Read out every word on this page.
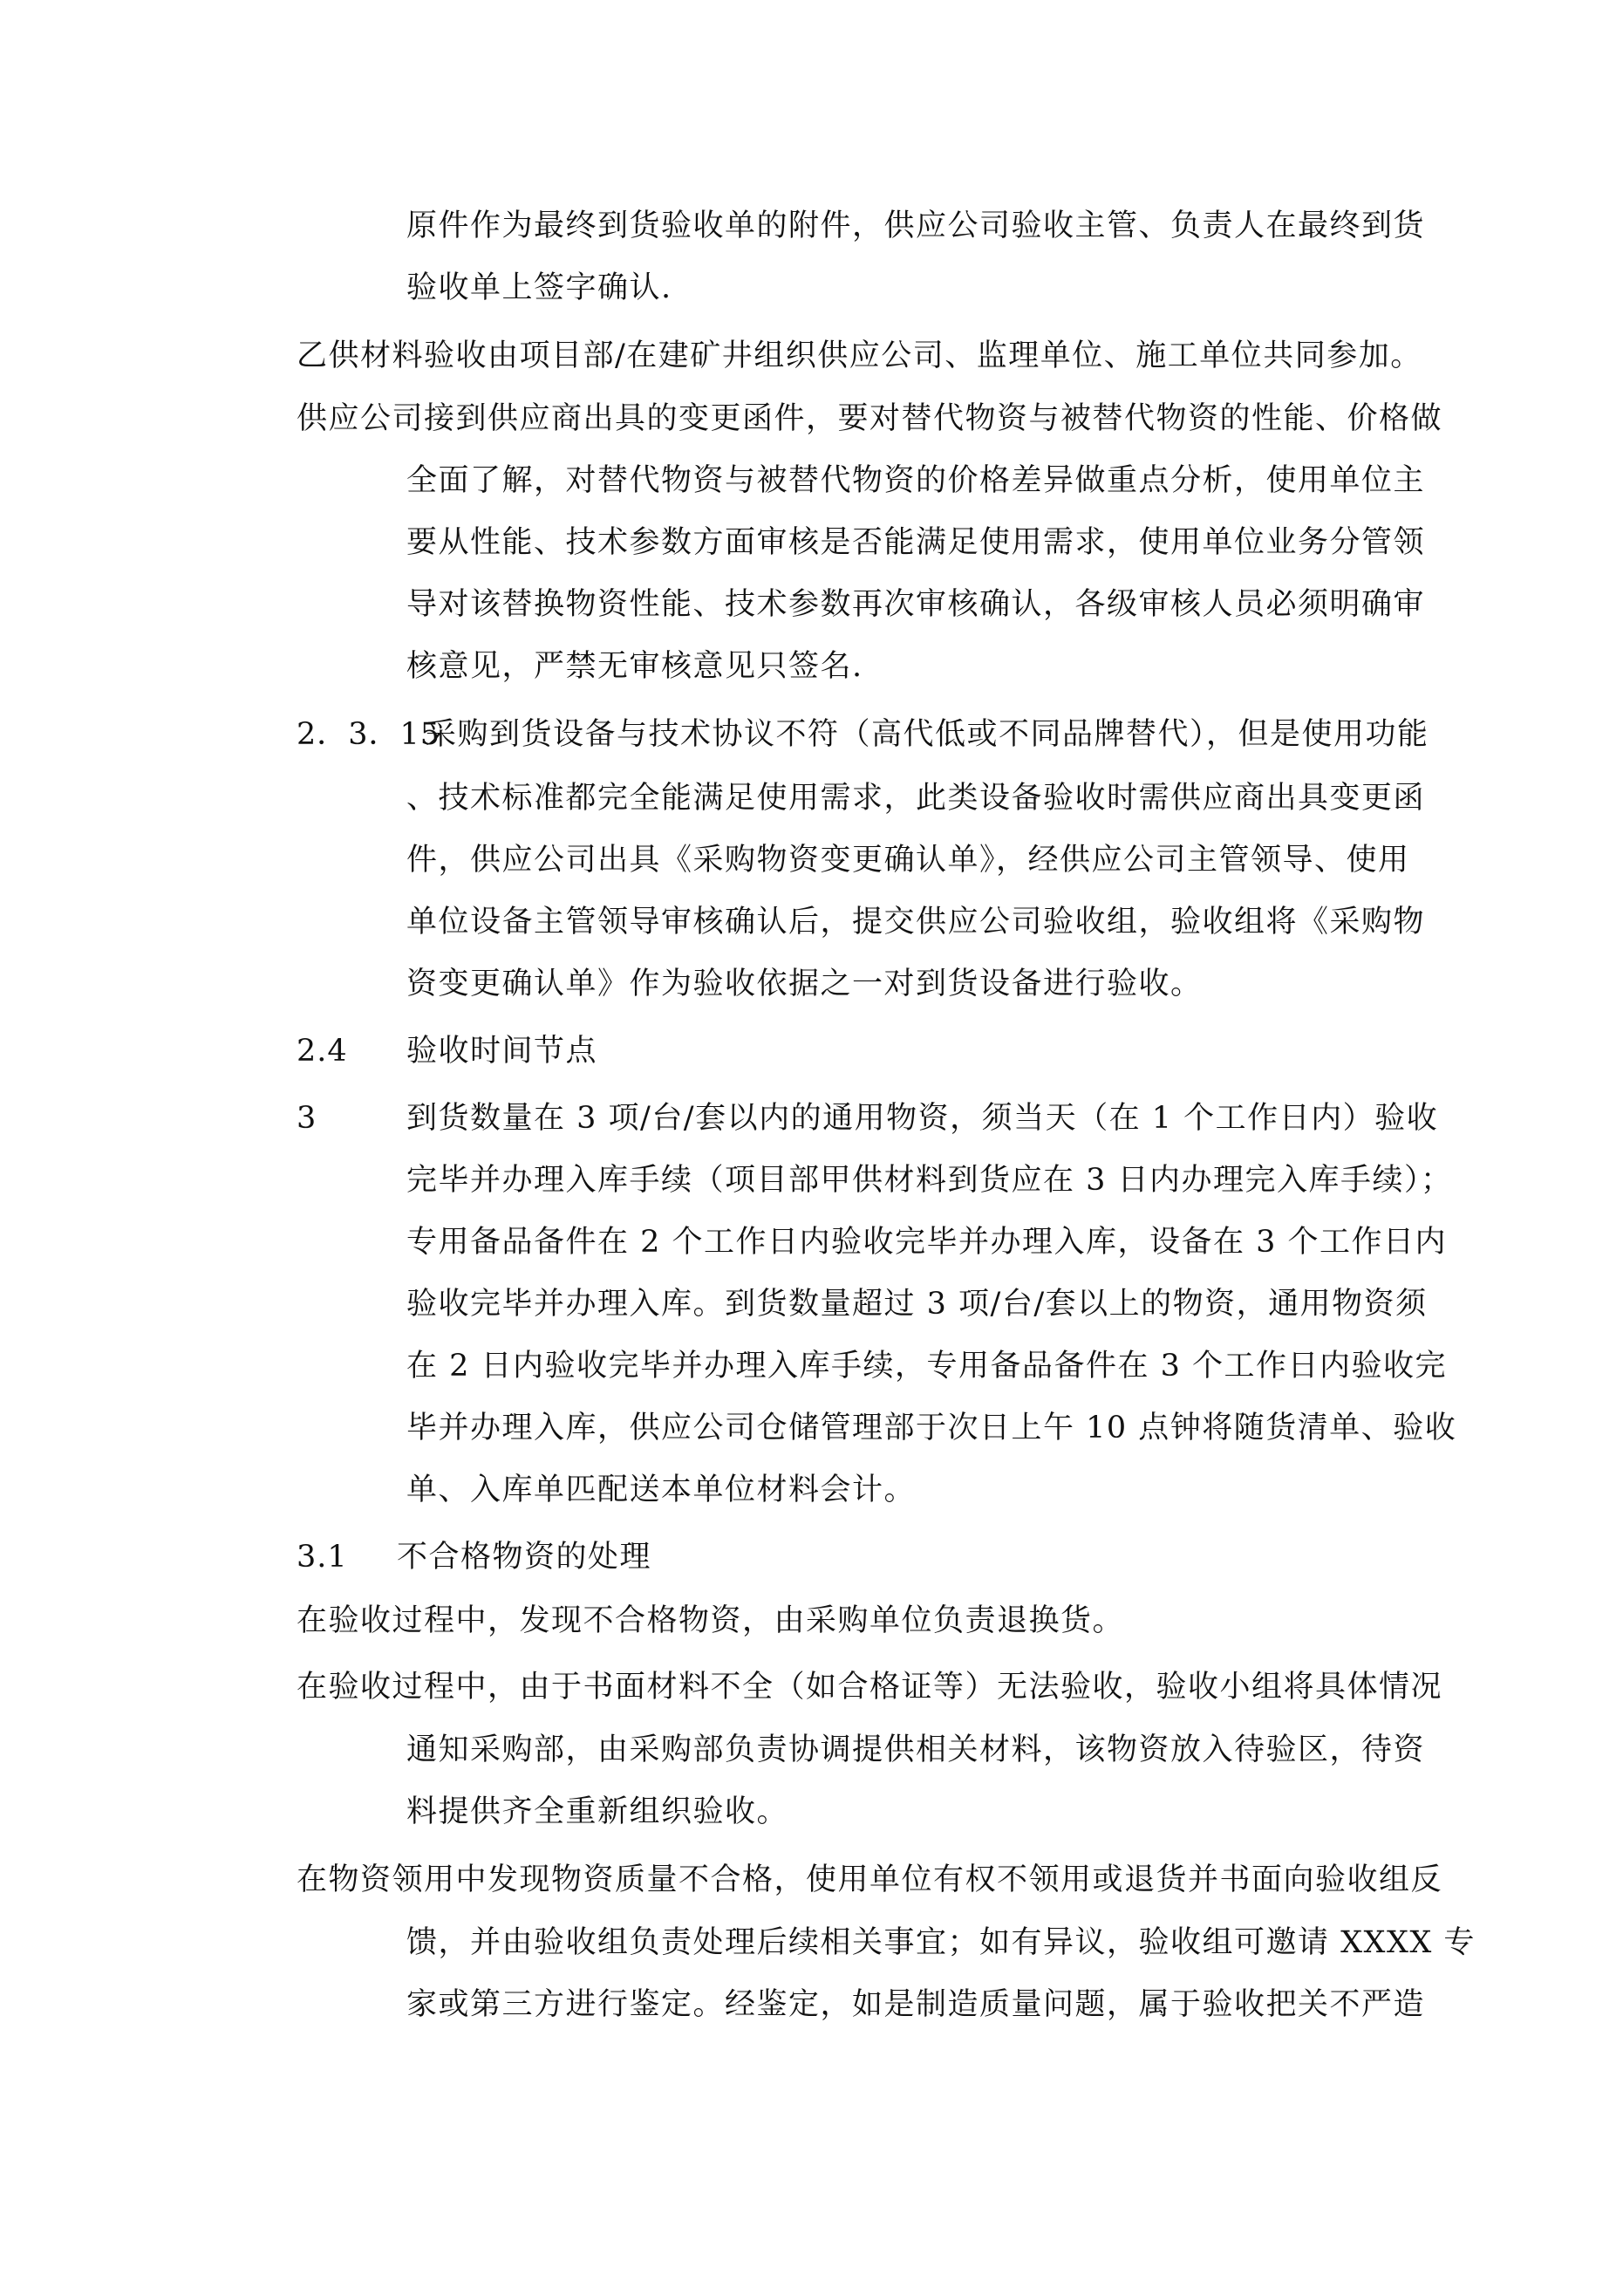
原件作为最终到货验收单的附件，供应公司验收主管、负责人在最终到货
验收单上签字确认.
乙供材料验收由项目部/在建矿井组织供应公司、监理单位、施工单位共同参加。
供应公司接到供应商出具的变更函件，要对替代物资与被替代物资的性能、价格做
全面了解，对替代物资与被替代物资的价格差异做重点分析，使用单位主
要从性能、技术参数方面审核是否能满足使用需求，使用单位业务分管领
导对该替换物资性能、技术参数再次审核确认，各级审核人员必须明确审
核意见，严禁无审核意见只签名.
2．3．15
采购到货设备与技术协议不符（高代低或不同品牌替代），但是使用功能
、技术标准都完全能满足使用需求，此类设备验收时需供应商出具变更函
件，供应公司出具《采购物资变更确认单》，经供应公司主管领导、使用
单位设备主管领导审核确认后，提交供应公司验收组，验收组将《采购物
资变更确认单》作为验收依据之一对到货设备进行验收。
2.4 验收时间节点
3	到货数量在 3 项/台/套以内的通用物资，须当天（在 1 个工作日内）验收
完毕并办理入库手续（项目部甲供材料到货应在 3 日内办理完入库手续）；
专用备品备件在 2 个工作日内验收完毕并办理入库，设备在 3 个工作日内
验收完毕并办理入库。到货数量超过 3 项/台/套以上的物资，通用物资须
在 2 日内验收完毕并办理入库手续，专用备品备件在 3 个工作日内验收完
毕并办理入库，供应公司仓储管理部于次日上午 10 点钟将随货清单、验收
单、入库单匹配送本单位材料会计。
3.1 不合格物资的处理
在验收过程中，发现不合格物资，由采购单位负责退换货。
在验收过程中，由于书面材料不全（如合格证等）无法验收，验收小组将具体情况
通知采购部，由采购部负责协调提供相关材料，该物资放入待验区，待资
料提供齐全重新组织验收。
在物资领用中发现物资质量不合格，使用单位有权不领用或退货并书面向验收组反
馈，并由验收组负责处理后续相关事宜；如有异议，验收组可邀请 XXXX 专
家或第三方进行鉴定。经鉴定，如是制造质量问题，属于验收把关不严造
